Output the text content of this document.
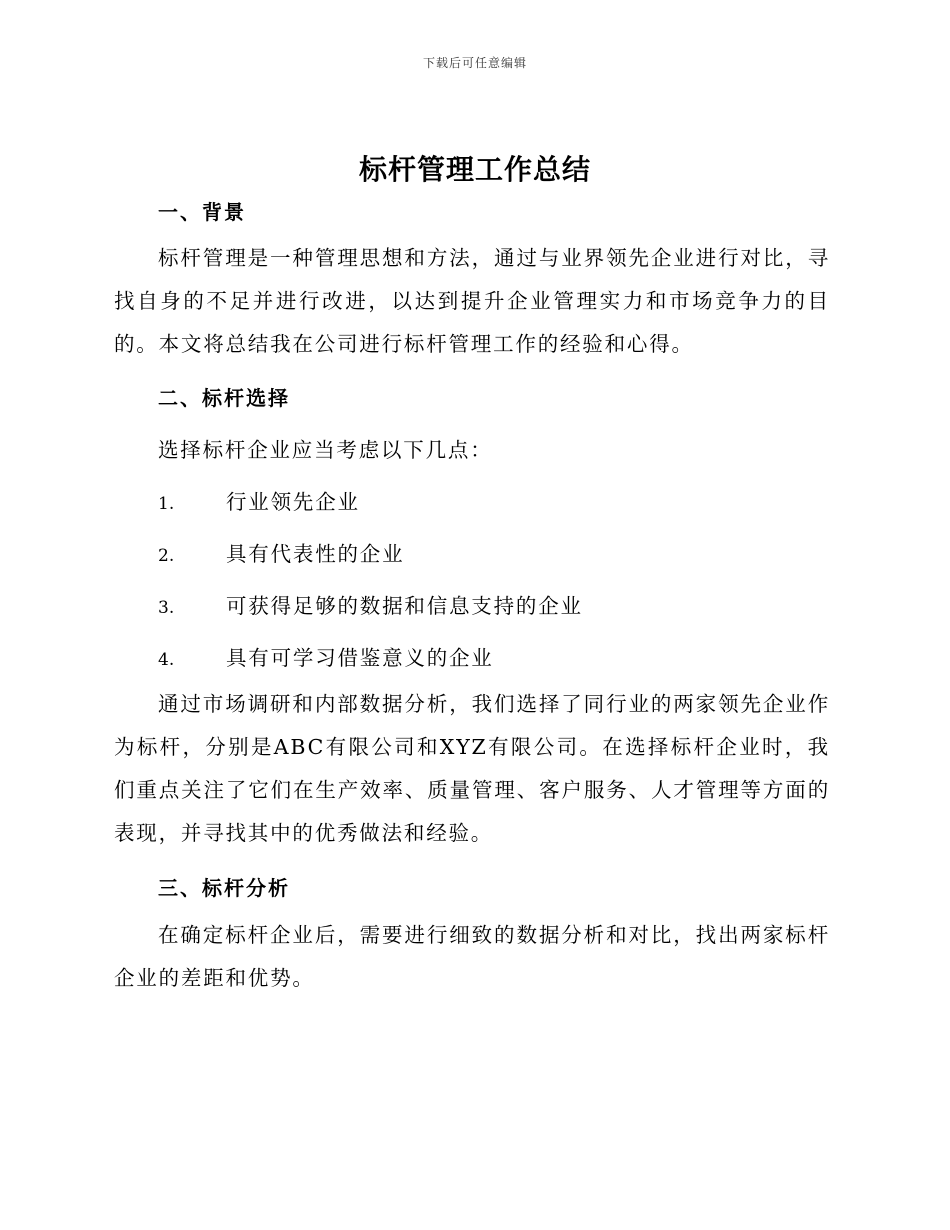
下载后可任意编辑
标杆管理工作总结
一、背景

标杆管理是一种管理思想和方法，通过与业界领先企业进行对比，寻找自身的不足并进行改进，以达到提升企业管理实力和市场竞争力的目的。本文将总结我在公司进行标杆管理工作的经验和心得。

二、标杆选择
选择标杆企业应当考虑以下几点：
1.	行业领先企业
2.	具有代表性的企业
3.	可获得足够的数据和信息支持的企业
4.	具有可学习借鉴意义的企业

通过市场调研和内部数据分析，我们选择了同行业的两家领先企业作为标杆，分别是ABC有限公司和XYZ有限公司。在选择标杆企业时，我们重点关注了它们在生产效率、质量管理、客户服务、人才管理等方面的表现，并寻找其中的优秀做法和经验。

三、标杆分析

在确定标杆企业后，需要进行细致的数据分析和对比，找出两家标杆企业的差距和优势。
